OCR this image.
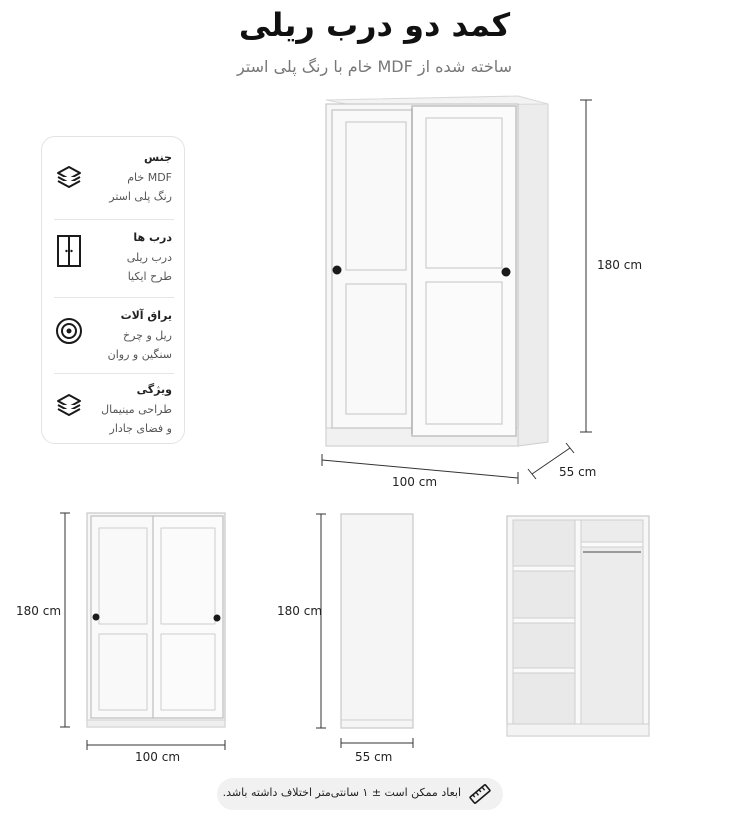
کمد دو درب ریلی
ساخته شده از MDF خام با رنگ پلی استر
جنس
MDF خام
رنگ پلی استر
درب ها
درب ریلی
طرح ایکیا
یراق آلات
ریل و چرخ
سنگین و روان
ویژگی
طراحی مینیمال
و فضای جادار
180 cm
100 cm
55 cm
180 cm
100 cm
180 cm
55 cm
ابعاد ممکن است ± ۱ سانتی‌متر اختلاف داشته باشد.
